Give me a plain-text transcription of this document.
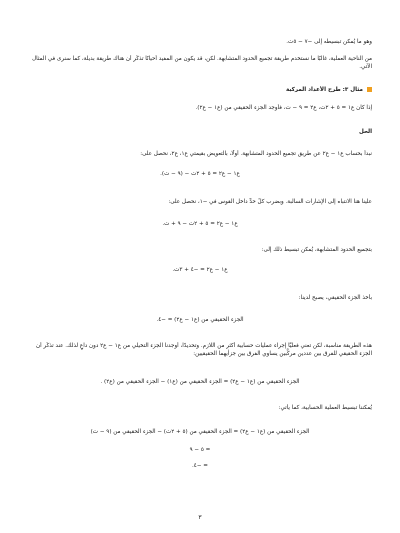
وهو ما يُمكن تبسيطه إلى −٧ − ٥ت.
من الناحية العملية، غالبًا ما نستخدم طريقة تجميع الحدود المتشابهة. لكن، قد يكون من المفيد أحيانًا تذكُّر أن هناك طريقة بديلة، كما سنرى في المثال الآتي.
مثال ٣: طرح الأعداد المركبة
إذا كان ع١ = ٥ + ٢ت، ع٢ = ٩ − ت، فأوجد الجزء الحقيقي من (ع١ − ع٢).
الحل
نبدأ بحساب ع١ − ع٢ عن طريق تجميع الحدود المتشابهة. أولًا، بالتعويض بقيمتي ع١، ع٢، نحصل على:
ع١ − ع٢ = ٥ + ٢ت − (٩ − ت).
علينا هنا الانتباه إلى الإشارات السالبة. وبضرب كلِّ حدٍّ داخل القوس في −١، نحصل على:
ع١ − ع٢ = ٥ + ٢ت − ٩ + ت.
بتجميع الحدود المتشابهة، يُمكن تبسيط ذلك إلى:
ع١ − ع٢ = −٤ + ٣ت.
بأخذ الجزء الحقيقي، يصبح لدينا:
الجزء الحقيقي من (ع١ − ع٢) = −٤.
هذه الطريقة مناسبة، لكن تعني فعليًّا إجراء عمليات حسابية أكثر من اللازم. وتحديدًا، أوجدنا الجزء التخيلي من ع١ − ع٢ دون داعٍ لذلك. عند تذكُّر أن الجزء الحقيقي للفرق بين عددين مركَّبين يساوي الفرق بين جزأيهما الحقيقيين:
الجزء الحقيقي من (ع١ − ع٢) = الجزء الحقيقي من (ع١) − الجزء الحقيقي من (ع٢) .
يُمكننا تبسيط العملية الحسابية، كما يأتي:
الجزء الحقيقي من (ع١ − ع٢) = الجزء الحقيقي من (٥ + ٢ت) − الجزء الحقيقي من (٩ − ت)
= ٥ − ٩
= −٤.
٣
